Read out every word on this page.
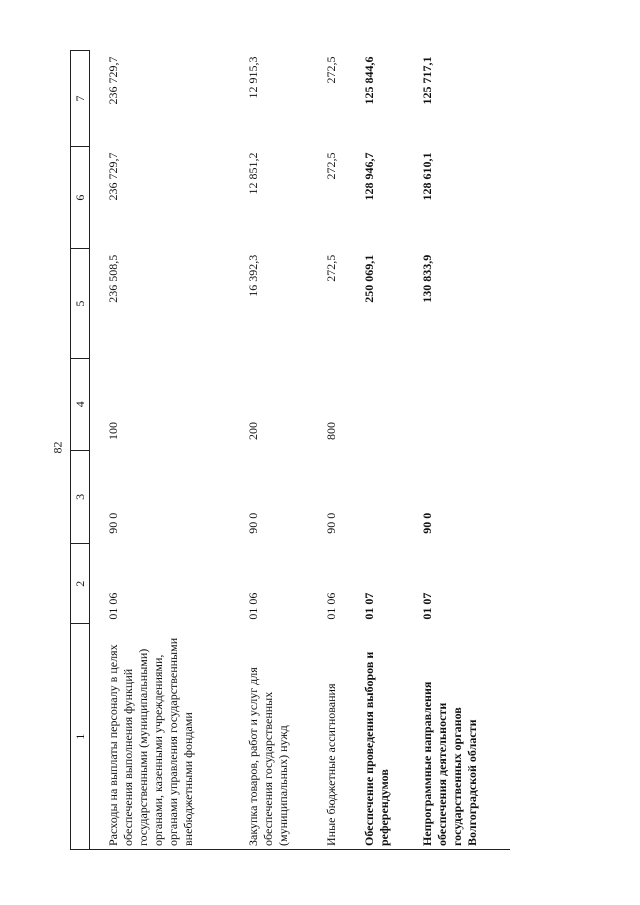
82
1	2	3	4	5	6	7
Расходы на выплаты персоналу в целях обеспечения выполнения функций государственными (муниципальными) органами, казенными учреждениями, органами управления государственными внебюджетными фондами	01 06	90 0	100	236 508,5	236 729,7	236 729,7
Закупка товаров, работ и услуг для обеспечения государственных (муниципальных) нужд	01 06	90 0	200	16 392,3	12 851,2	12 915,3
Иные бюджетные ассигнования	01 06	90 0	800	272,5	272,5	272,5
Обеспечение проведения выборов и референдумов	01 07			250 069,1	128 946,7	125 844,6
Непрограммные направления обеспечения деятельности государственных органов Волгоградской области	01 07	90 0		130 833,9	128 610,1	125 717,1
